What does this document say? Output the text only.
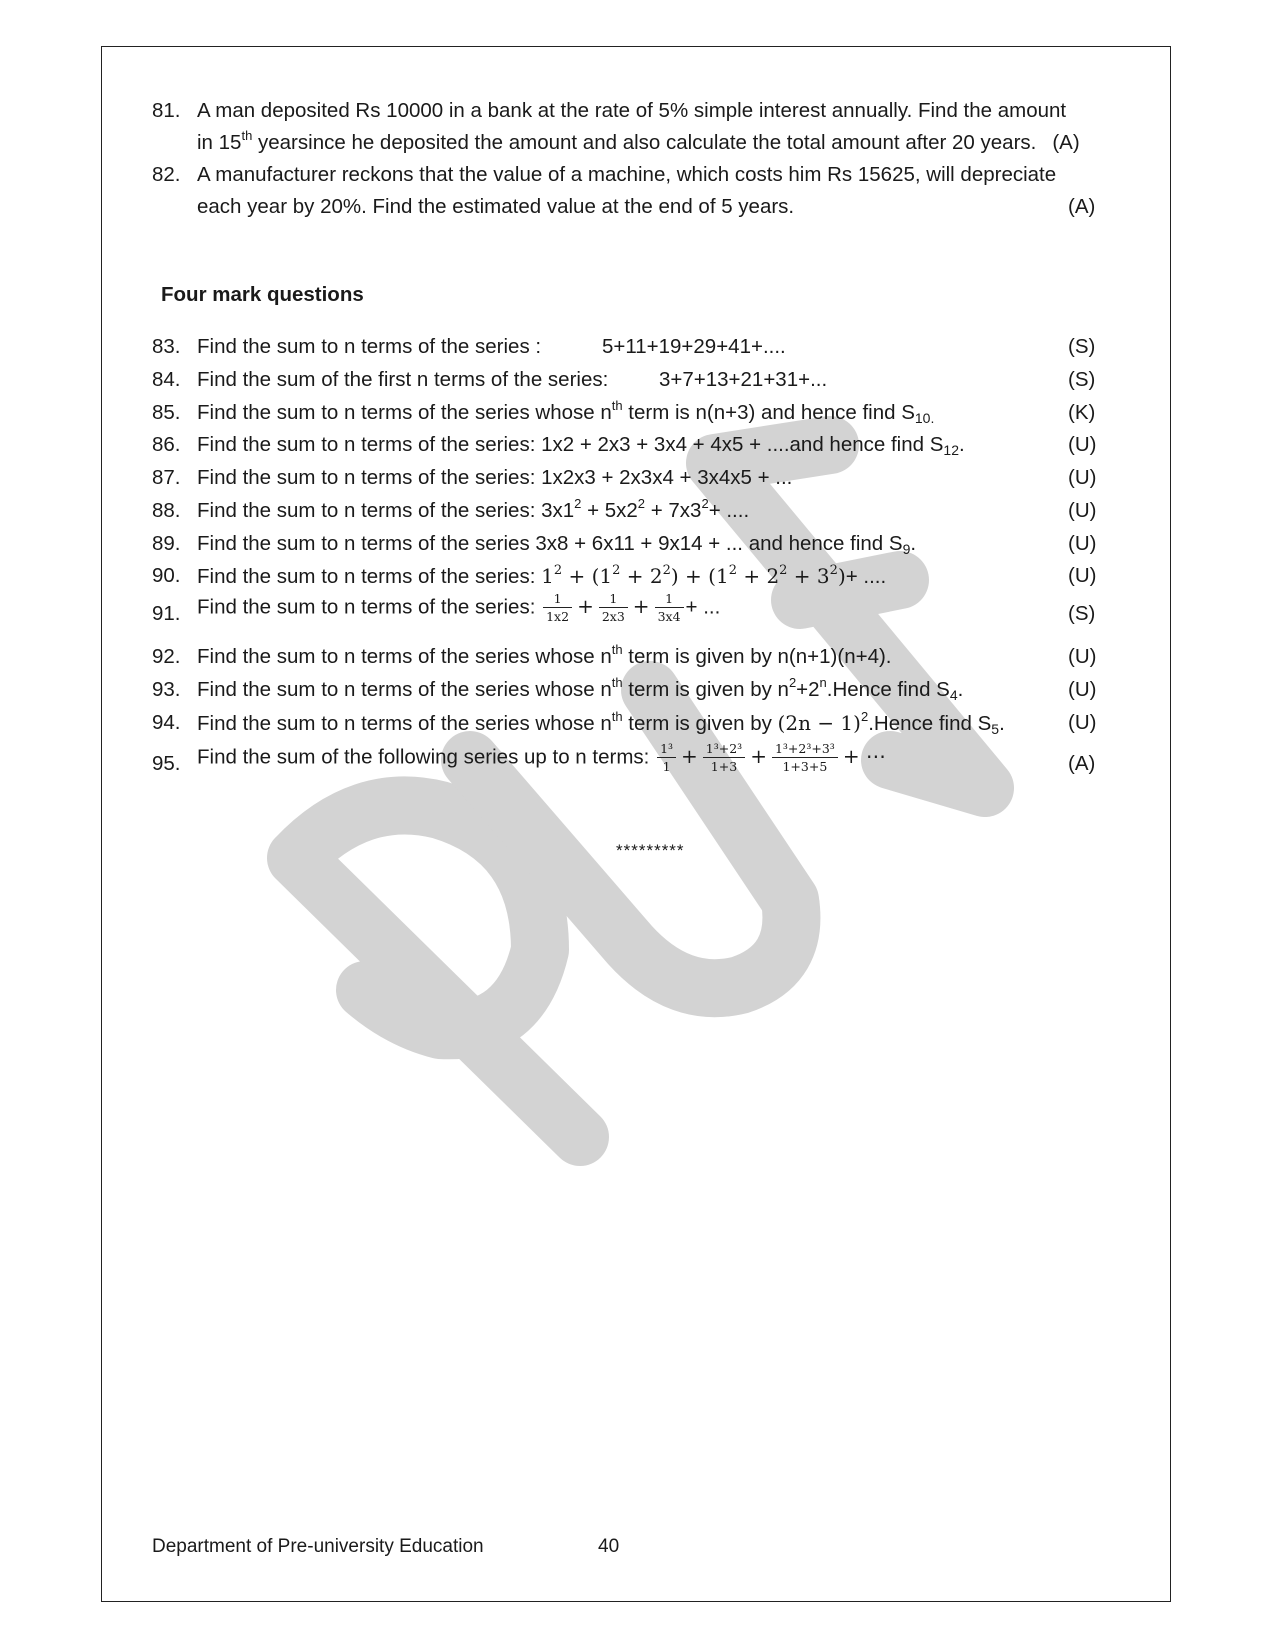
81. A man deposited Rs 10000 in a bank at the rate of 5% simple interest annually. Find the amount
in 15th yearsince he deposited the amount and also calculate the total amount after 20 years. (A)
82. A manufacturer reckons that the value of a machine, which costs him Rs 15625, will depreciate
each year by 20%. Find the estimated value at the end of 5 years.	(A)
Four mark questions
83. Find the sum to n terms of the series :	5+11+19+29+41+....	(S)
84. Find the sum of the first n terms of the series: 3+7+13+21+31+...	(S)
85. Find the sum to n terms of the series whose $n^{th}$ term is n(n+3) and hence find $S_{10.}$	(K)
86. Find the sum to n terms of the series: 1x2 + 2x3 + 3x4 + 4x5 + ....and hence find $S_{12}$.	(U)
87. Find the sum to n terms of the series: 1x2x3 + 2x3x4 + 3x4x5 + ...	(U)
88. Find the sum to n terms of the series: $3x1^2 + 5x2^2 + 7x3^2+$ ....	(U)
89. Find the sum to n terms of the series 3x8 + 6x11 + 9x14 + ... and hence find $S_9$.	(U)
90. Find the sum to n terms of the series: $1^2 + (1^2 + 2^2) + (1^2 + 2^2 + 3^2)+$ ....	(U)
91. Find the sum to n terms of the series: $\frac{1}{1x2} + \frac{1}{2x3} + \frac{1}{3x4}$ + ...	(S)
92. Find the sum to n terms of the series whose $n^{th}$ term is given by n(n+1)(n+4).	(U)
93. Find the sum to n terms of the series whose $n^{th}$ term is given by $n^2+2^n.Hence$ find $S_4$.	(U)
94. Find the sum to n terms of the series whose $n^{th}$ term is given by $(2n - 1)^2.Hence$ find $S_5$.	(U)
95. Find the sum of the following series up to n terms: $\frac{\text{1³}}{1} + \frac{\text{1³+2³}}{1+3} + \frac{\text{1³+2³+3³}}{1+3+5}$ + ⋯	(A)
*********
Department of Pre-university Education	40
